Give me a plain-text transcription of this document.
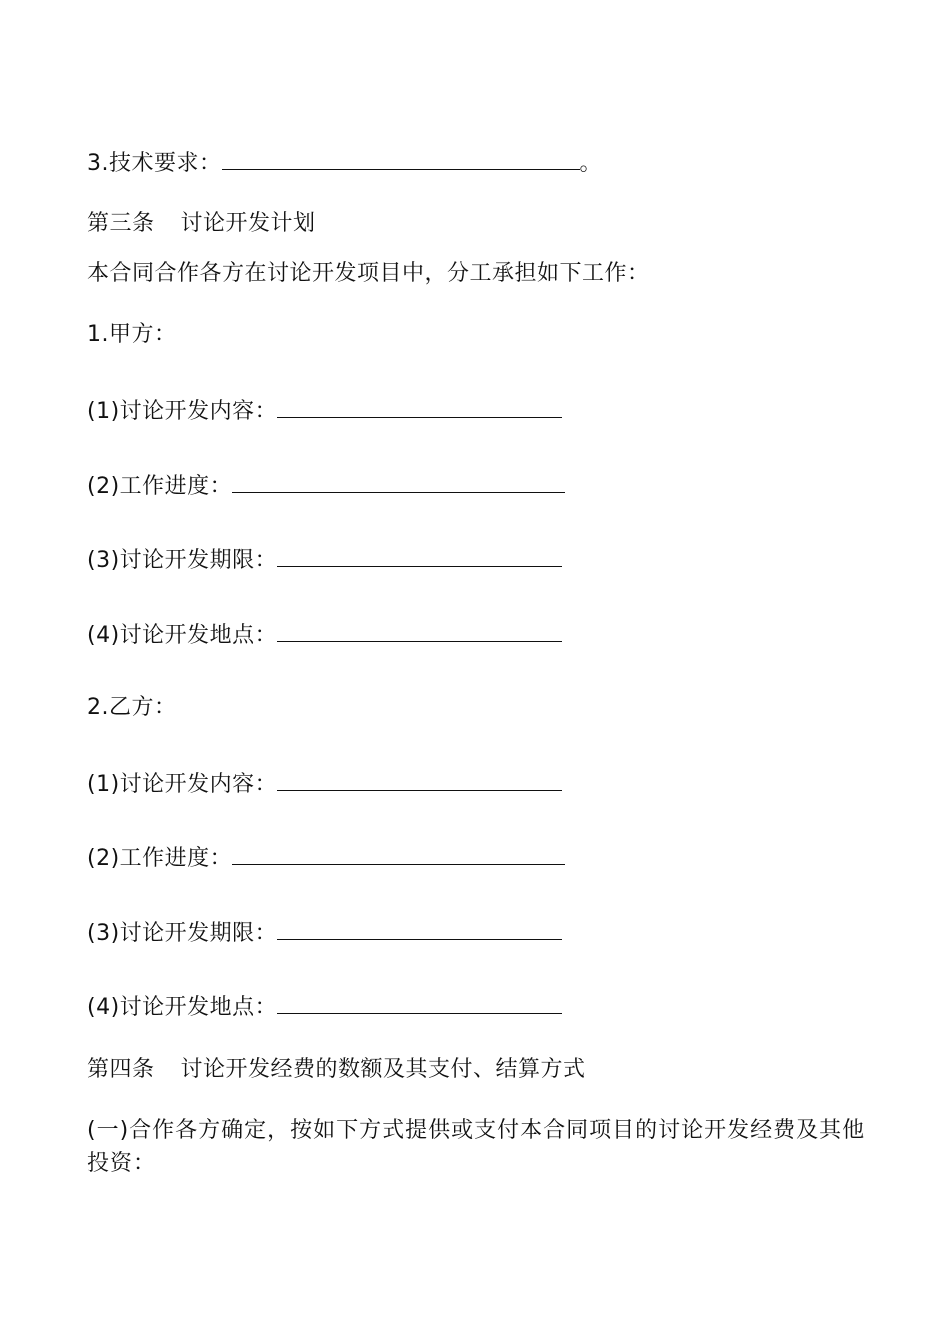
3.技术要求：	。
第三条 讨论开发计划
本合同合作各方在讨论开发项目中，分工承担如下工作：
1.甲方：
(1)讨论开发内容：
(2)工作进度：
(3)讨论开发期限：
(4)讨论开发地点：
2.乙方：
(1)讨论开发内容：
(2)工作进度：
(3)讨论开发期限：
(4)讨论开发地点：
第四条 讨论开发经费的数额及其支付、结算方式
(一)合作各方确定，按如下方式提供或支付本合同项目的讨论开发经费及其他投资：
